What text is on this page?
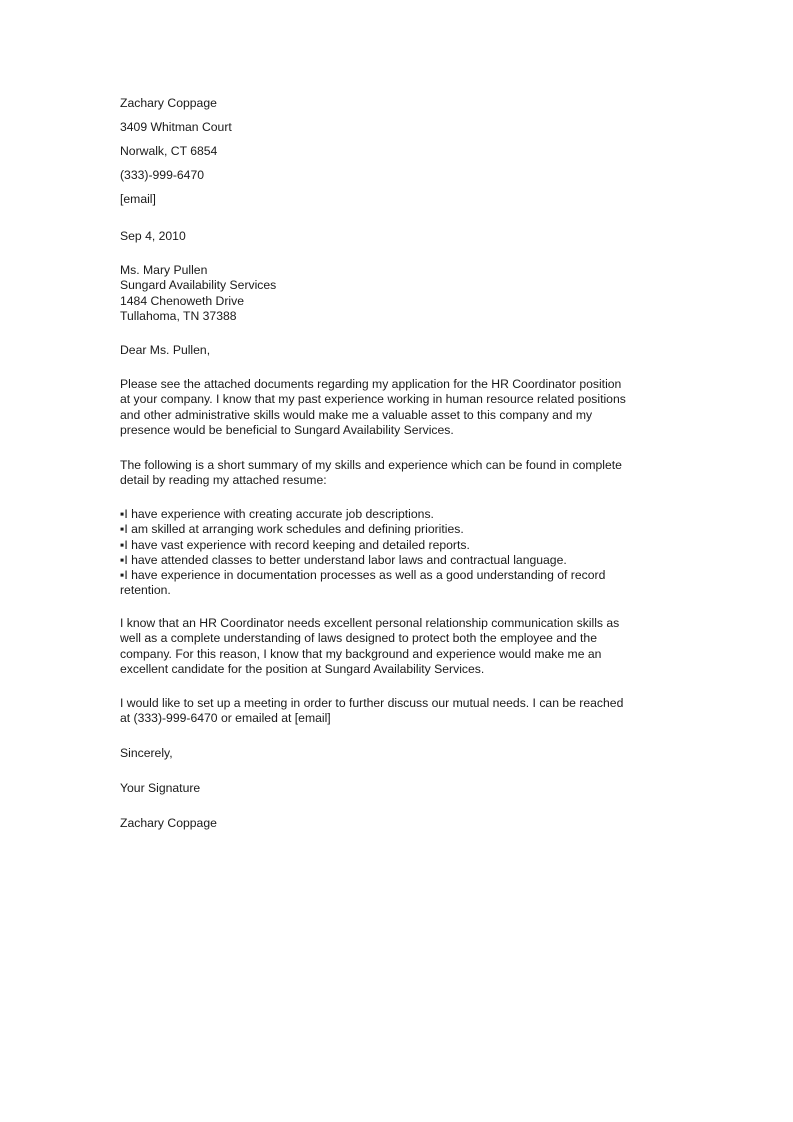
Zachary Coppage
3409 Whitman Court
Norwalk, CT 6854
(333)-999-6470
[email]
Sep 4, 2010
Ms. Mary Pullen
Sungard Availability Services
1484 Chenoweth Drive
Tullahoma, TN 37388
Dear Ms. Pullen,
Please see the attached documents regarding my application for the HR Coordinator position
at your company. I know that my past experience working in human resource related positions
and other administrative skills would make me a valuable asset to this company and my
presence would be beneficial to Sungard Availability Services.
The following is a short summary of my skills and experience which can be found in complete
detail by reading my attached resume:
▪I have experience with creating accurate job descriptions.
▪I am skilled at arranging work schedules and defining priorities.
▪I have vast experience with record keeping and detailed reports.
▪I have attended classes to better understand labor laws and contractual language.
▪I have experience in documentation processes as well as a good understanding of record
retention.
I know that an HR Coordinator needs excellent personal relationship communication skills as
well as a complete understanding of laws designed to protect both the employee and the
company. For this reason, I know that my background and experience would make me an
excellent candidate for the position at Sungard Availability Services.
I would like to set up a meeting in order to further discuss our mutual needs. I can be reached
at (333)-999-6470 or emailed at [email]
Sincerely,
Your Signature
Zachary Coppage
